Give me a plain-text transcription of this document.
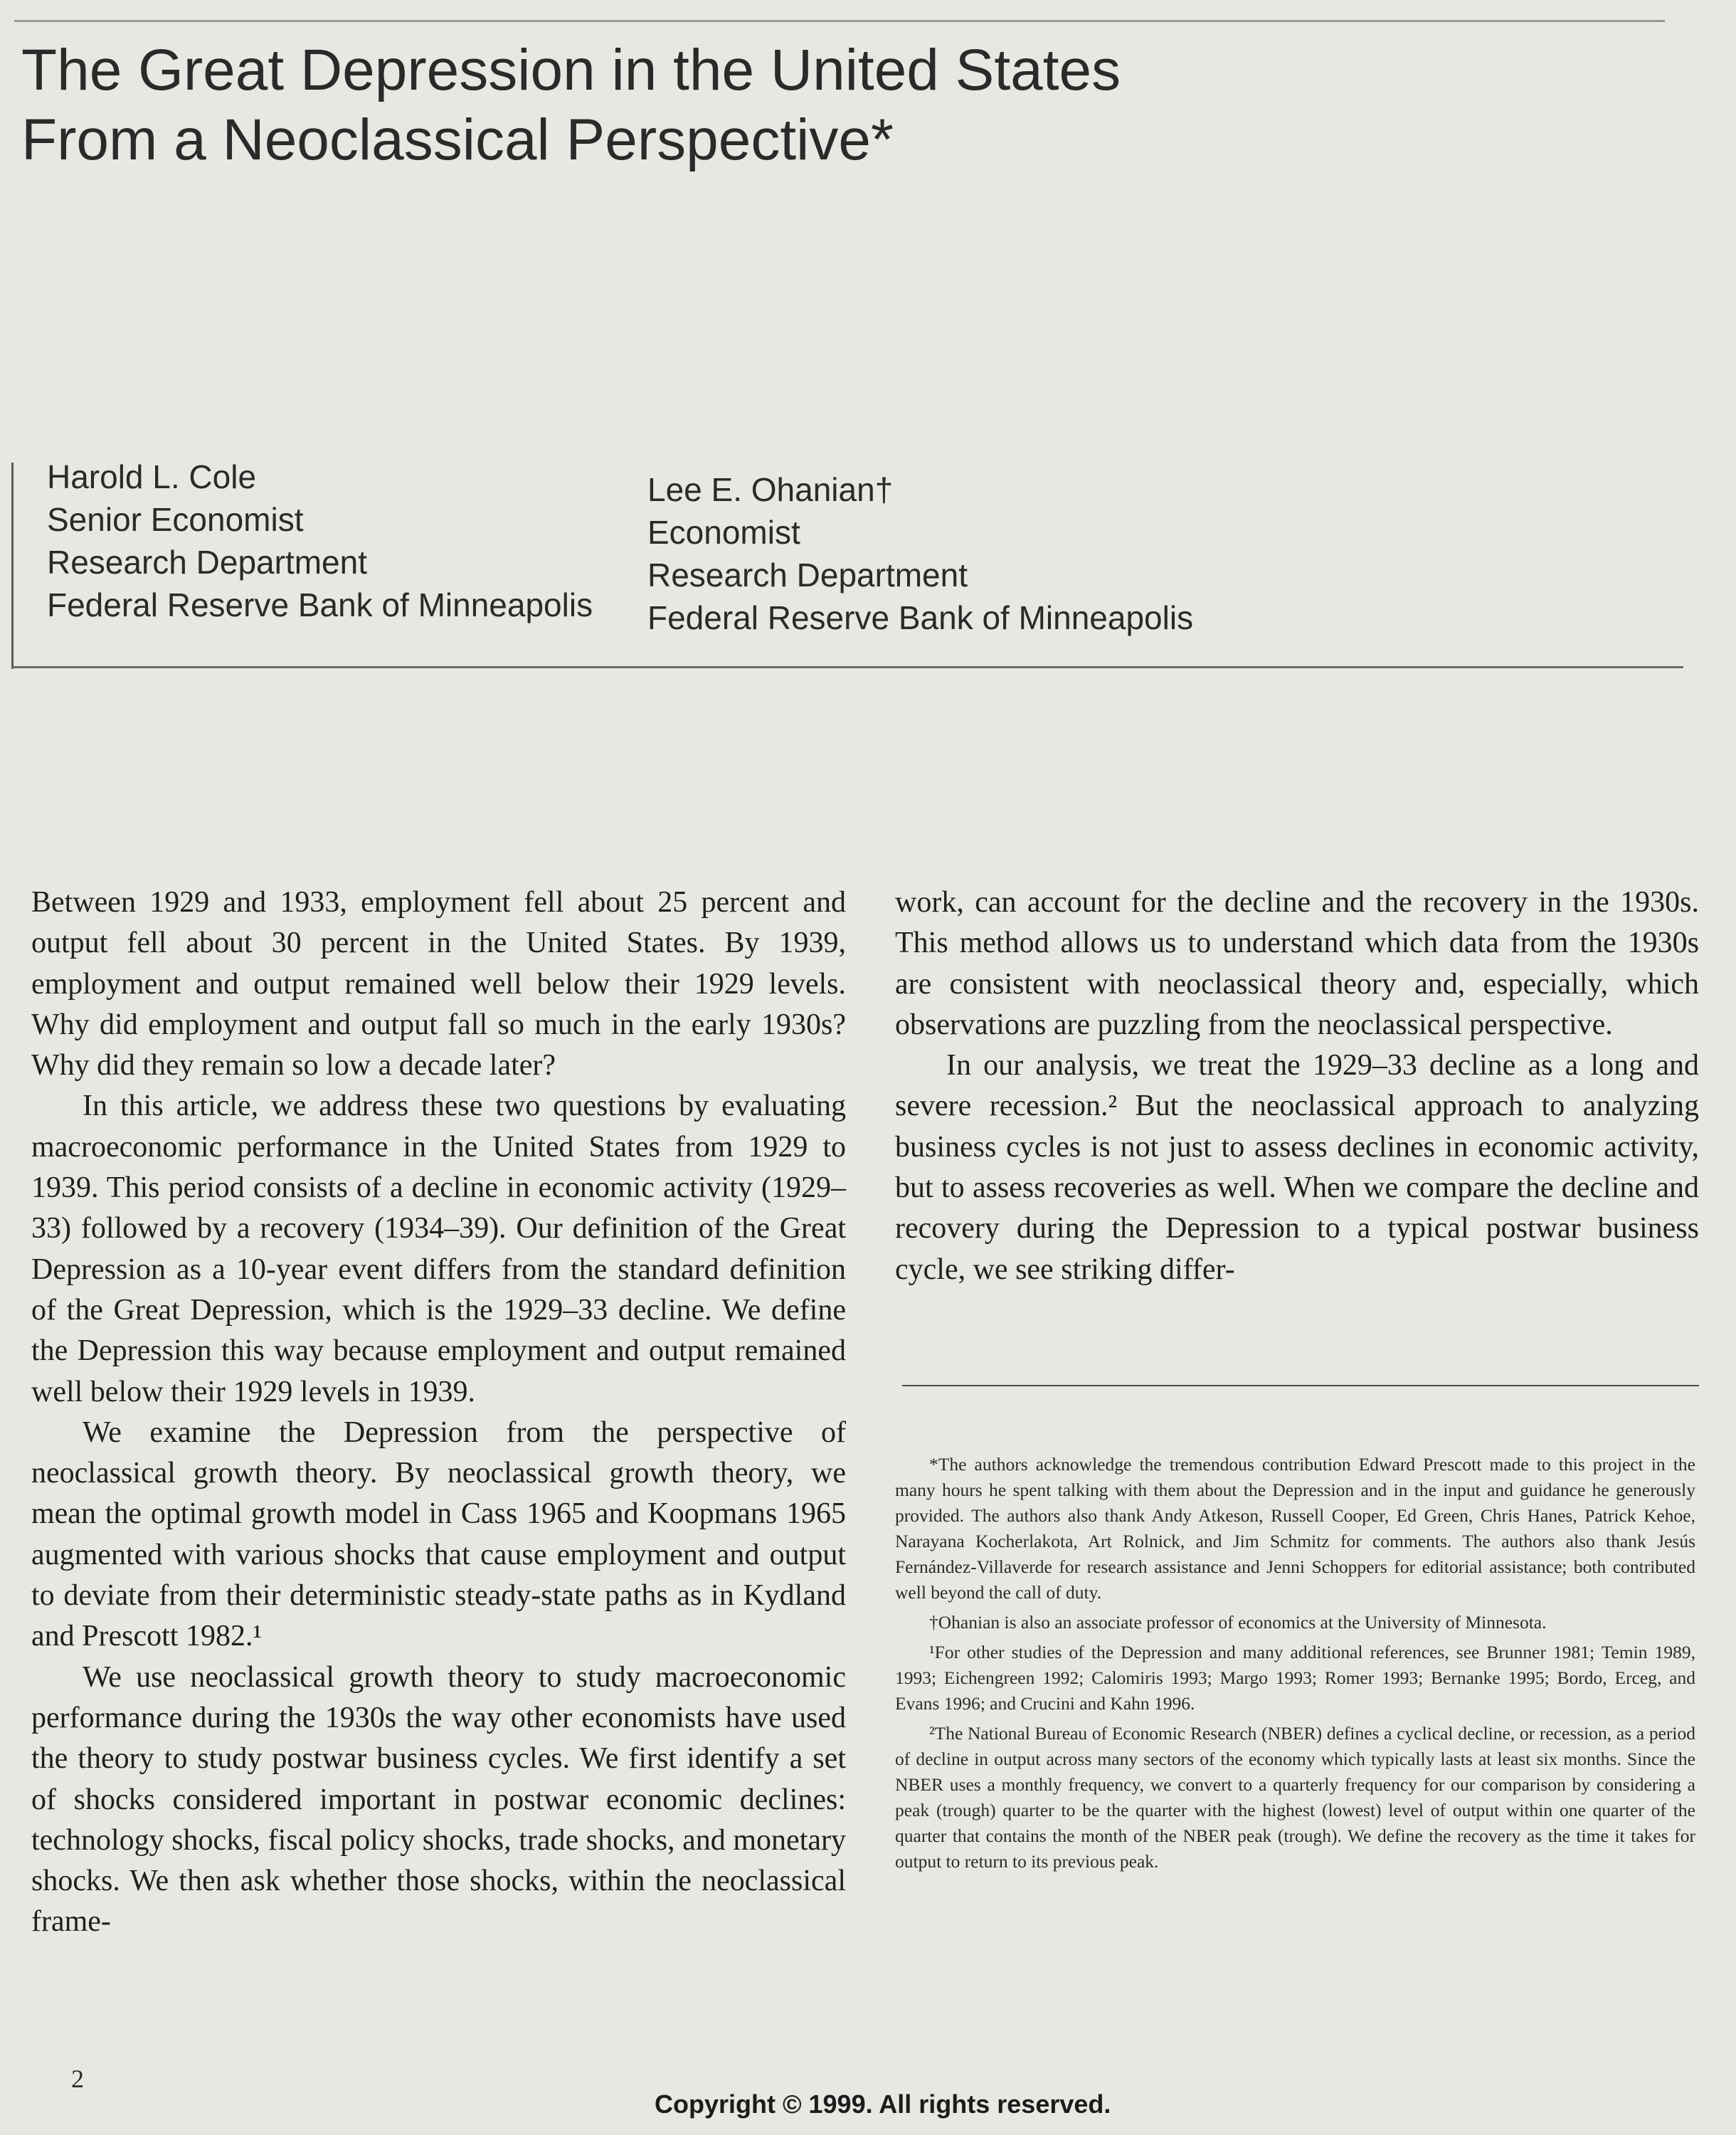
The Great Depression in the United States
From a Neoclassical Perspective*
Harold L. Cole
Senior Economist
Research Department
Federal Reserve Bank of Minneapolis
Lee E. Ohanian†
Economist
Research Department
Federal Reserve Bank of Minneapolis

Between 1929 and 1933, employment fell about 25 percent and output fell about 30 percent in the United States. By 1939, employment and output remained well below their 1929 levels. Why did employment and output fall so much in the early 1930s? Why did they remain so low a decade later?

In this article, we address these two questions by evaluating macroeconomic performance in the United States from 1929 to 1939. This period consists of a decline in economic activity (1929–33) followed by a recovery (1934–39). Our definition of the Great Depression as a 10-year event differs from the standard definition of the Great Depression, which is the 1929–33 decline. We define the Depression this way because employment and output remained well below their 1929 levels in 1939.

We examine the Depression from the perspective of neoclassical growth theory. By neoclassical growth theory, we mean the optimal growth model in Cass 1965 and Koopmans 1965 augmented with various shocks that cause employment and output to deviate from their deterministic steady-state paths as in Kydland and Prescott 1982.¹

We use neoclassical growth theory to study macroeconomic performance during the 1930s the way other economists have used the theory to study postwar business cycles. We first identify a set of shocks considered important in postwar economic declines: technology shocks, fiscal policy shocks, trade shocks, and monetary shocks. We then ask whether those shocks, within the neoclassical frame-

work, can account for the decline and the recovery in the 1930s. This method allows us to understand which data from the 1930s are consistent with neoclassical theory and, especially, which observations are puzzling from the neoclassical perspective.

In our analysis, we treat the 1929–33 decline as a long and severe recession.² But the neoclassical approach to analyzing business cycles is not just to assess declines in economic activity, but to assess recoveries as well. When we compare the decline and recovery during the Depression to a typical postwar business cycle, we see striking differ-

*The authors acknowledge the tremendous contribution Edward Prescott made to this project in the many hours he spent talking with them about the Depression and in the input and guidance he generously provided. The authors also thank Andy Atkeson, Russell Cooper, Ed Green, Chris Hanes, Patrick Kehoe, Narayana Kocherlakota, Art Rolnick, and Jim Schmitz for comments. The authors also thank Jesús Fernández-Villaverde for research assistance and Jenni Schoppers for editorial assistance; both contributed well beyond the call of duty.

†Ohanian is also an associate professor of economics at the University of Minnesota.

¹For other studies of the Depression and many additional references, see Brunner 1981; Temin 1989, 1993; Eichengreen 1992; Calomiris 1993; Margo 1993; Romer 1993; Bernanke 1995; Bordo, Erceg, and Evans 1996; and Crucini and Kahn 1996.

²The National Bureau of Economic Research (NBER) defines a cyclical decline, or recession, as a period of decline in output across many sectors of the economy which typically lasts at least six months. Since the NBER uses a monthly frequency, we convert to a quarterly frequency for our comparison by considering a peak (trough) quarter to be the quarter with the highest (lowest) level of output within one quarter of the quarter that contains the month of the NBER peak (trough). We define the recovery as the time it takes for output to return to its previous peak.

2
Copyright © 1999. All rights reserved.
